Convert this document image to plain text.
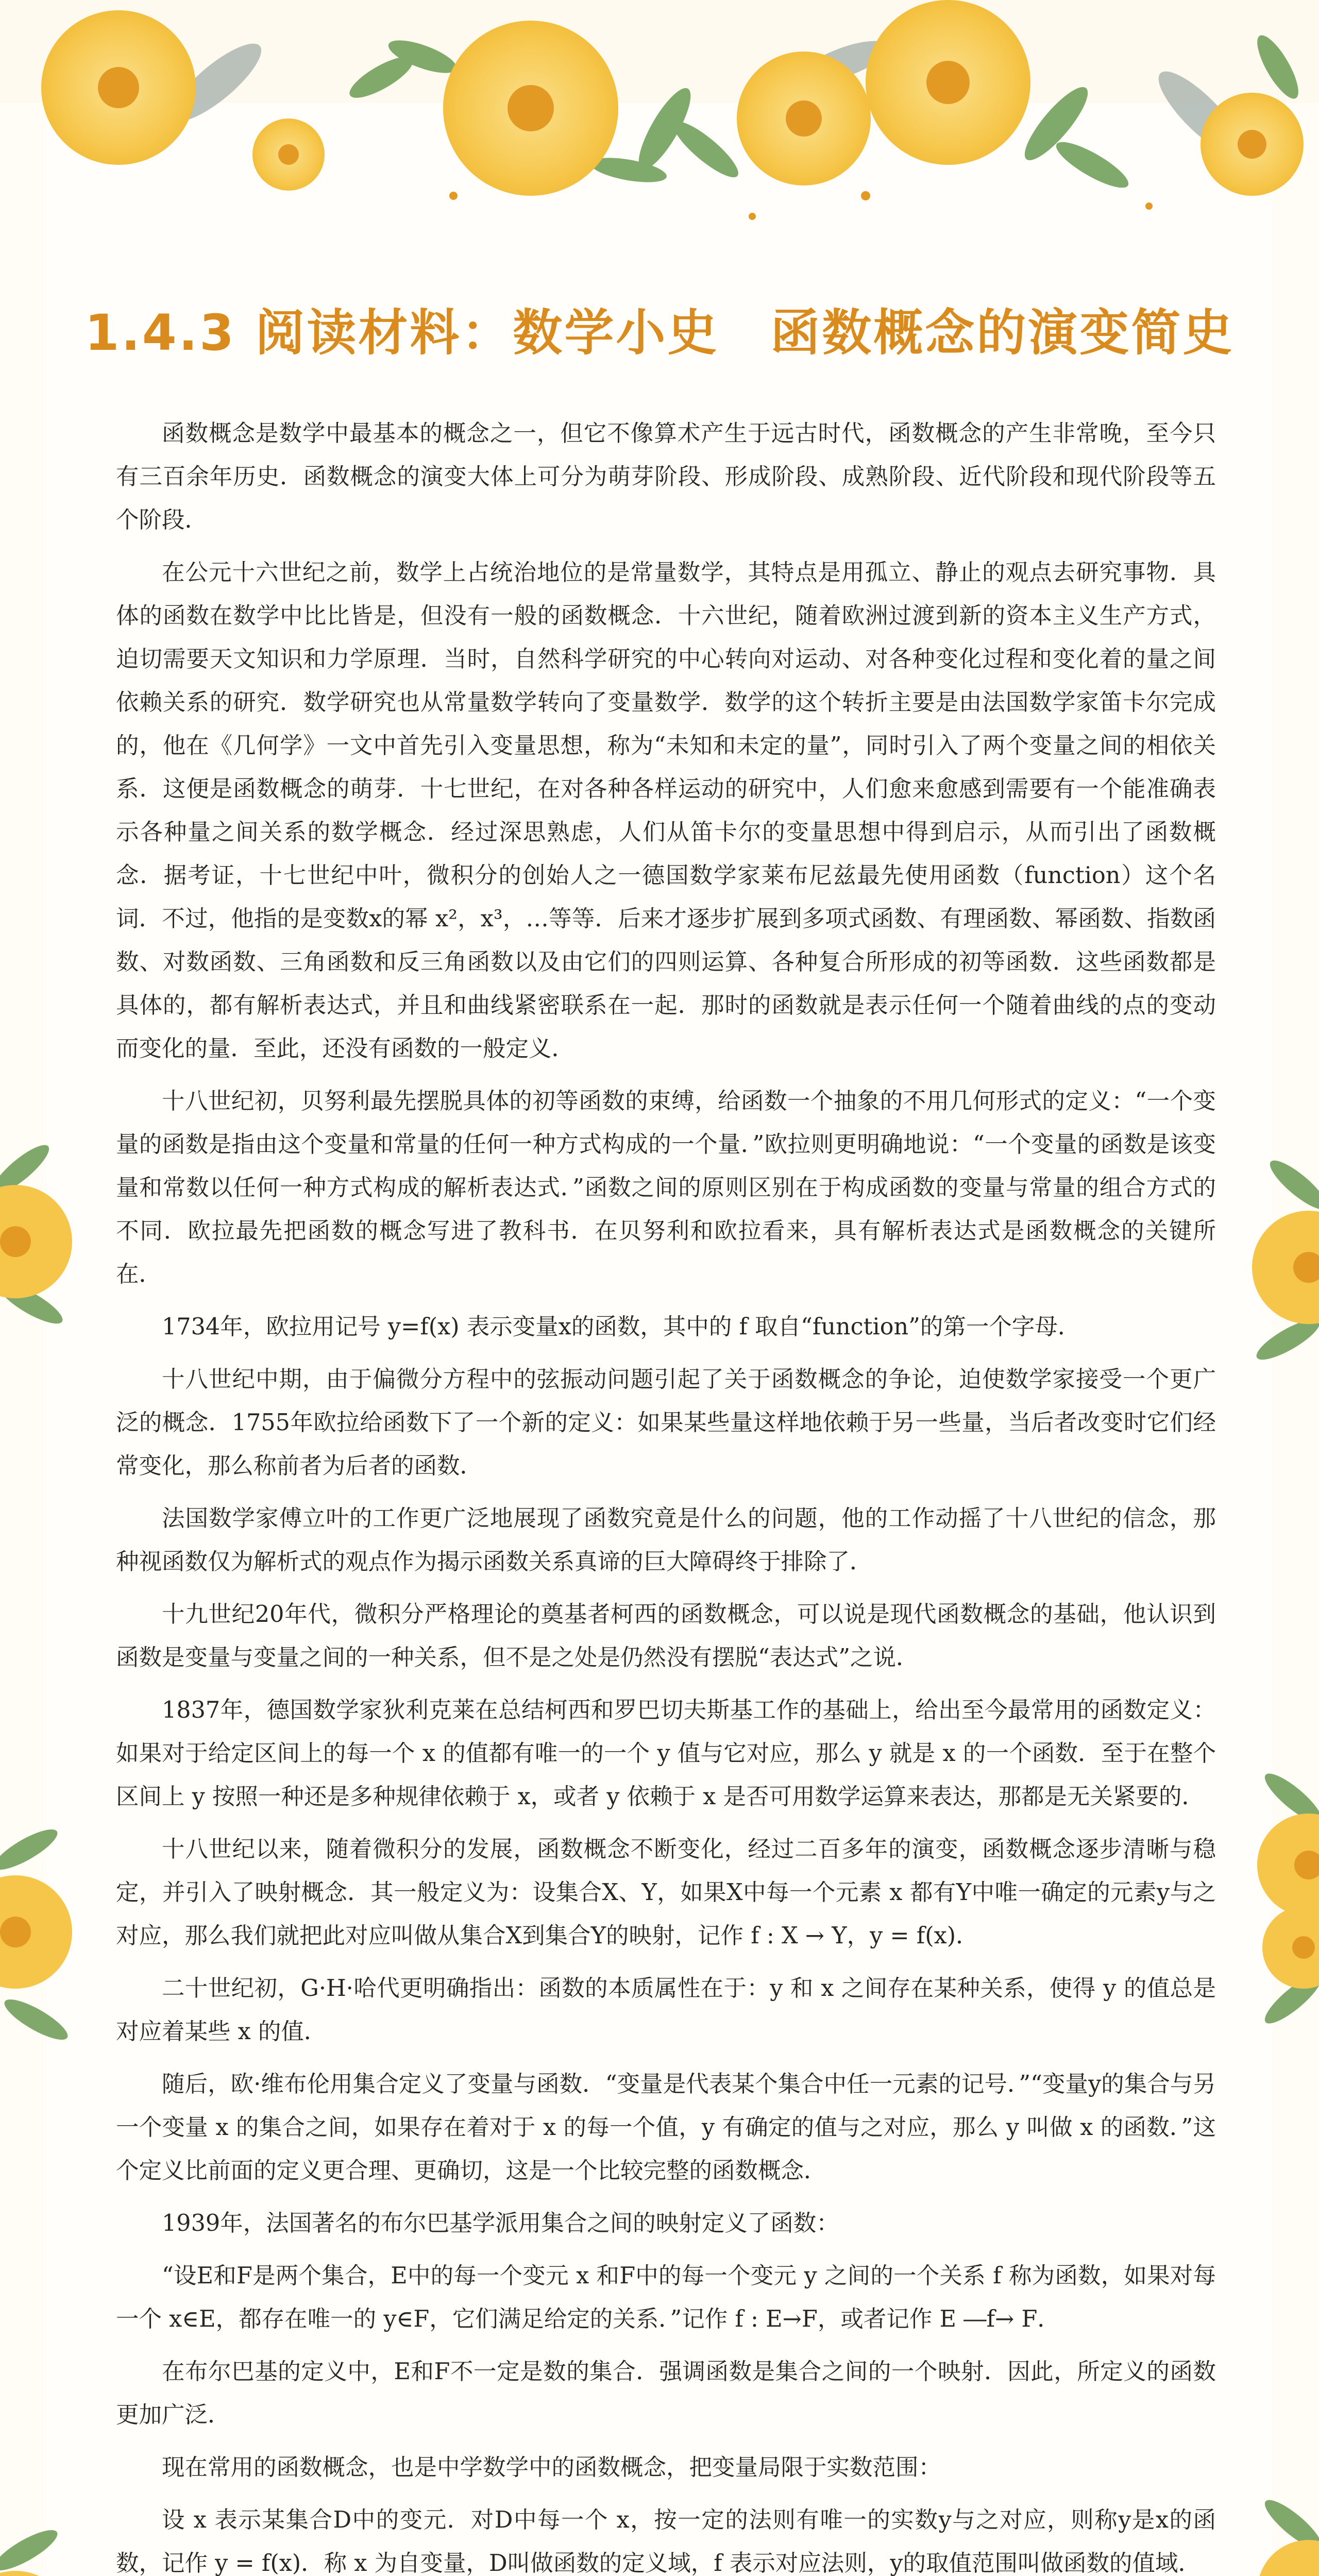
1.4.3 阅读材料：数学小史　函数概念的演变简史

函数概念是数学中最基本的概念之一，但它不像算术产生于远古时代，函数概念的产生非常晚，至今只有三百余年历史．函数概念的演变大体上可分为萌芽阶段、形成阶段、成熟阶段、近代阶段和现代阶段等五个阶段．

在公元十六世纪之前，数学上占统治地位的是常量数学，其特点是用孤立、静止的观点去研究事物．具体的函数在数学中比比皆是，但没有一般的函数概念．十六世纪，随着欧洲过渡到新的资本主义生产方式，迫切需要天文知识和力学原理．当时，自然科学研究的中心转向对运动、对各种变化过程和变化着的量之间依赖关系的研究．数学研究也从常量数学转向了变量数学．数学的这个转折主要是由法国数学家笛卡尔完成的，他在《几何学》一文中首先引入变量思想，称为“未知和未定的量”，同时引入了两个变量之间的相依关系．这便是函数概念的萌芽．十七世纪，在对各种各样运动的研究中，人们愈来愈感到需要有一个能准确表示各种量之间关系的数学概念．经过深思熟虑，人们从笛卡尔的变量思想中得到启示，从而引出了函数概念．据考证，十七世纪中叶，微积分的创始人之一德国数学家莱布尼兹最先使用函数（function）这个名词．不过，他指的是变数x的幂 x²，x³，…等等．后来才逐步扩展到多项式函数、有理函数、幂函数、指数函数、对数函数、三角函数和反三角函数以及由它们的四则运算、各种复合所形成的初等函数．这些函数都是具体的，都有解析表达式，并且和曲线紧密联系在一起．那时的函数就是表示任何一个随着曲线的点的变动而变化的量．至此，还没有函数的一般定义．

十八世纪初，贝努利最先摆脱具体的初等函数的束缚，给函数一个抽象的不用几何形式的定义：“一个变量的函数是指由这个变量和常量的任何一种方式构成的一个量．”欧拉则更明确地说：“一个变量的函数是该变量和常数以任何一种方式构成的解析表达式．”函数之间的原则区别在于构成函数的变量与常量的组合方式的不同．欧拉最先把函数的概念写进了教科书．在贝努利和欧拉看来，具有解析表达式是函数概念的关键所在．

1734年，欧拉用记号 y=f(x) 表示变量x的函数，其中的 f 取自“function”的第一个字母．

十八世纪中期，由于偏微分方程中的弦振动问题引起了关于函数概念的争论，迫使数学家接受一个更广泛的概念．1755年欧拉给函数下了一个新的定义：如果某些量这样地依赖于另一些量，当后者改变时它们经常变化，那么称前者为后者的函数．

法国数学家傅立叶的工作更广泛地展现了函数究竟是什么的问题，他的工作动摇了十八世纪的信念，那种视函数仅为解析式的观点作为揭示函数关系真谛的巨大障碍终于排除了．

十九世纪20年代，微积分严格理论的奠基者柯西的函数概念，可以说是现代函数概念的基础，他认识到函数是变量与变量之间的一种关系，但不是之处是仍然没有摆脱“表达式”之说．

1837年，德国数学家狄利克莱在总结柯西和罗巴切夫斯基工作的基础上，给出至今最常用的函数定义：如果对于给定区间上的每一个 x 的值都有唯一的一个 y 值与它对应，那么 y 就是 x 的一个函数．至于在整个区间上 y 按照一种还是多种规律依赖于 x，或者 y 依赖于 x 是否可用数学运算来表达，那都是无关紧要的．

十八世纪以来，随着微积分的发展，函数概念不断变化，经过二百多年的演变，函数概念逐步清晰与稳定，并引入了映射概念．其一般定义为：设集合X、Y，如果X中每一个元素 x 都有Y中唯一确定的元素y与之对应，那么我们就把此对应叫做从集合X到集合Y的映射，记作 f : X → Y，y = f(x)．

二十世纪初，G·H·哈代更明确指出：函数的本质属性在于：y 和 x 之间存在某种关系，使得 y 的值总是对应着某些 x 的值．

随后，欧·维布伦用集合定义了变量与函数．“变量是代表某个集合中任一元素的记号．”“变量y的集合与另一个变量 x 的集合之间，如果存在着对于 x 的每一个值，y 有确定的值与之对应，那么 y 叫做 x 的函数．”这个定义比前面的定义更合理、更确切，这是一个比较完整的函数概念．

1939年，法国著名的布尔巴基学派用集合之间的映射定义了函数：

“设E和F是两个集合，E中的每一个变元 x 和F中的每一个变元 y 之间的一个关系 f 称为函数，如果对每一个 x∈E，都存在唯一的 y∈F，它们满足给定的关系．”记作 f : E→F，或者记作 E ―f→ F．

在布尔巴基的定义中，E和F不一定是数的集合．强调函数是集合之间的一个映射．因此，所定义的函数更加广泛．

现在常用的函数概念，也是中学数学中的函数概念，把变量局限于实数范围：

设 x 表示某集合D中的变元．对D中每一个 x，按一定的法则有唯一的实数y与之对应，则称y是x的函数，记作 y = f(x)．称 x 为自变量，D叫做函数的定义域，f 表示对应法则，y的取值范围叫做函数的值域．
